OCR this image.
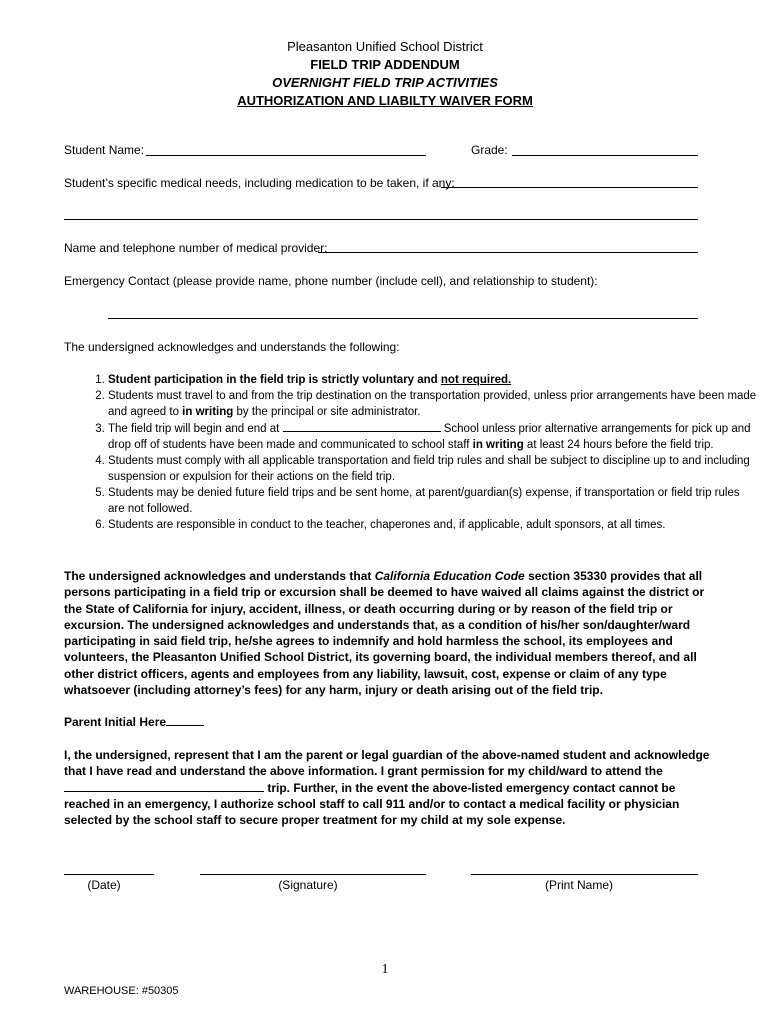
Pleasanton Unified School District
FIELD TRIP ADDENDUM
OVERNIGHT FIELD TRIP ACTIVITIES
AUTHORIZATION AND LIABILTY WAIVER FORM
Student Name:	Grade:
Student’s specific medical needs, including medication to be taken, if any:
Name and telephone number of medical provider:
Emergency Contact (please provide name, phone number (include cell), and relationship to student):
The undersigned acknowledges and understands the following:
1. Student participation in the field trip is strictly voluntary and not required.
2. Students must travel to and from the trip destination on the transportation provided, unless prior arrangements have been made and agreed to in writing by the principal or site administrator.
3. The field trip will begin and end at	School unless prior alternative arrangements for pick up and drop off of students have been made and communicated to school staff in writing at least 24 hours before the field trip.
4. Students must comply with all applicable transportation and field trip rules and shall be subject to discipline up to and including suspension or expulsion for their actions on the field trip.
5. Students may be denied future field trips and be sent home, at parent/guardian(s) expense, if transportation or field trip rules are not followed.
6. Students are responsible in conduct to the teacher, chaperones and, if applicable, adult sponsors, at all times.

The undersigned acknowledges and understands that California Education Code section 35330 provides that all persons participating in a field trip or excursion shall be deemed to have waived all claims against the district or the State of California for injury, accident, illness, or death occurring during or by reason of the field trip or excursion. The undersigned acknowledges and understands that, as a condition of his/her son/daughter/ward participating in said field trip, he/she agrees to indemnify and hold harmless the school, its employees and volunteers, the Pleasanton Unified School District, its governing board, the individual members thereof, and all other district officers, agents and employees from any liability, lawsuit, cost, expense or claim of any type whatsoever (including attorney’s fees) for any harm, injury or death arising out of the field trip.

Parent Initial Here

I, the undersigned, represent that I am the parent or legal guardian of the above-named student and acknowledge that I have read and understand the above information. I grant permission for my child/ward to attend the
trip. Further, in the event the above-listed emergency contact cannot be reached in an emergency, I authorize school staff to call 911 and/or to contact a medical facility or physician selected by the school staff to secure proper treatment for my child at my sole expense.

(Date)	(Signature)	(Print Name)
1
WAREHOUSE: #50305
